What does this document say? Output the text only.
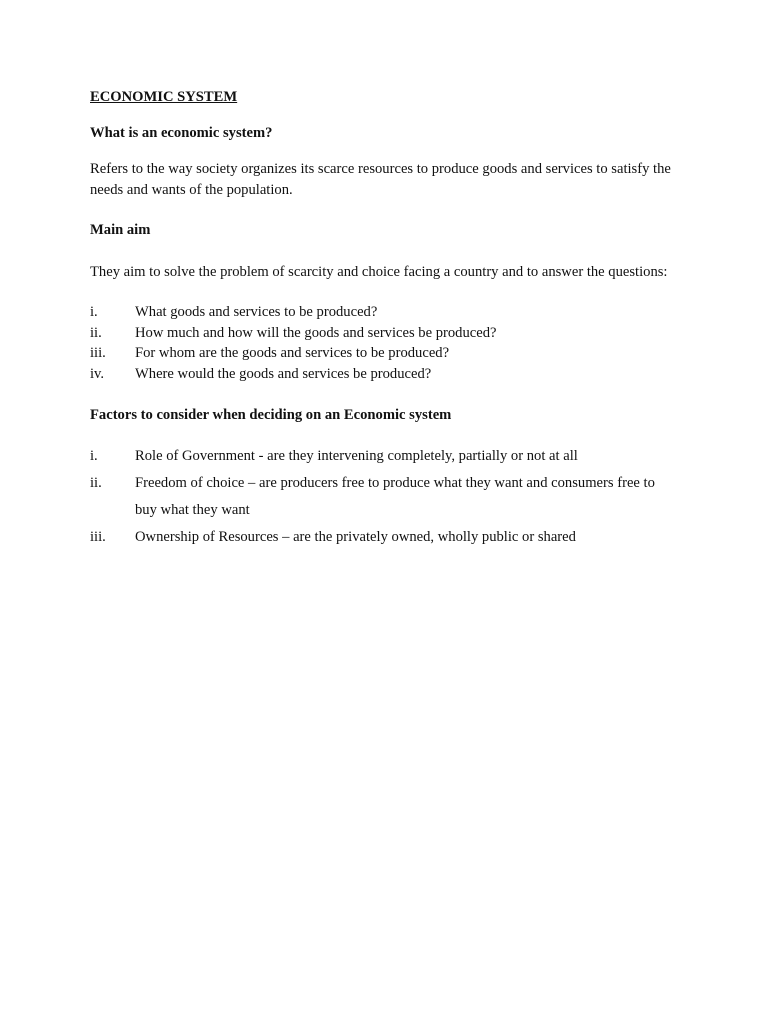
ECONOMIC SYSTEM

What is an economic system?

Refers to the way society organizes its scarce resources to produce goods and services to satisfy the needs and wants of the population.

Main aim

They aim to solve the problem of scarcity and choice facing a country and to answer the questions:

i.	What goods and services to be produced?
ii.	How much and how will the goods and services be produced?
iii.	For whom are the goods and services to be produced?
iv.	Where would the goods and services be produced?

Factors to consider when deciding on an Economic system

i.	Role of Government - are they intervening completely, partially or not at all
ii.	Freedom of choice – are producers free to produce what they want and consumers free to buy what they want
iii.	Ownership of Resources – are the privately owned, wholly public or shared
